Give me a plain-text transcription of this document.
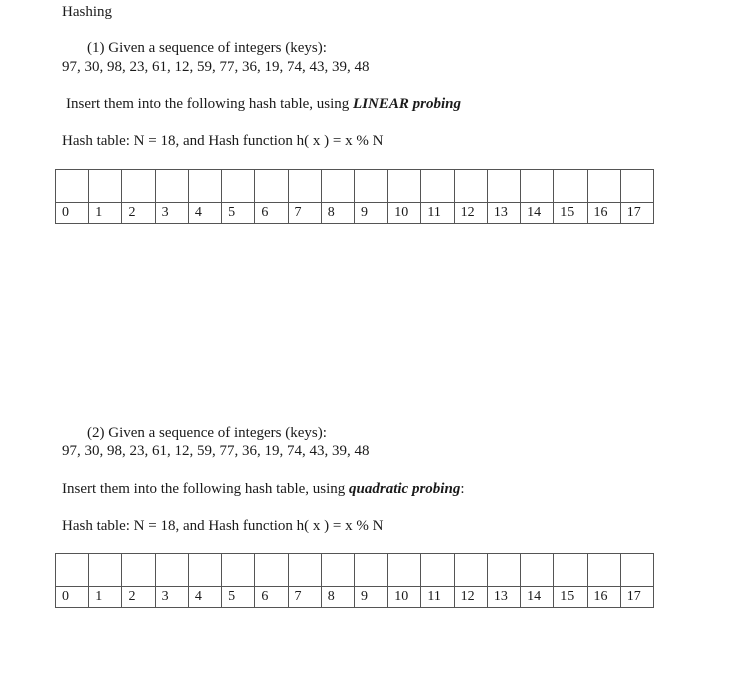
Hashing
(1) Given a sequence of integers (keys):
97, 30, 98, 23, 61, 12, 59, 77, 36, 19, 74, 43, 39, 48
Insert them into the following hash table, using LINEAR probing
Hash table: N = 18, and Hash function h( x ) = x % N

0	1	2	3	4	5	6	7	8	9	10	11	12	13	14	15	16	17
(2) Given a sequence of integers (keys):
97, 30, 98, 23, 61, 12, 59, 77, 36, 19, 74, 43, 39, 48
Insert them into the following hash table, using quadratic probing:
Hash table: N = 18, and Hash function h( x ) = x % N

0	1	2	3	4	5	6	7	8	9	10	11	12	13	14	15	16	17
